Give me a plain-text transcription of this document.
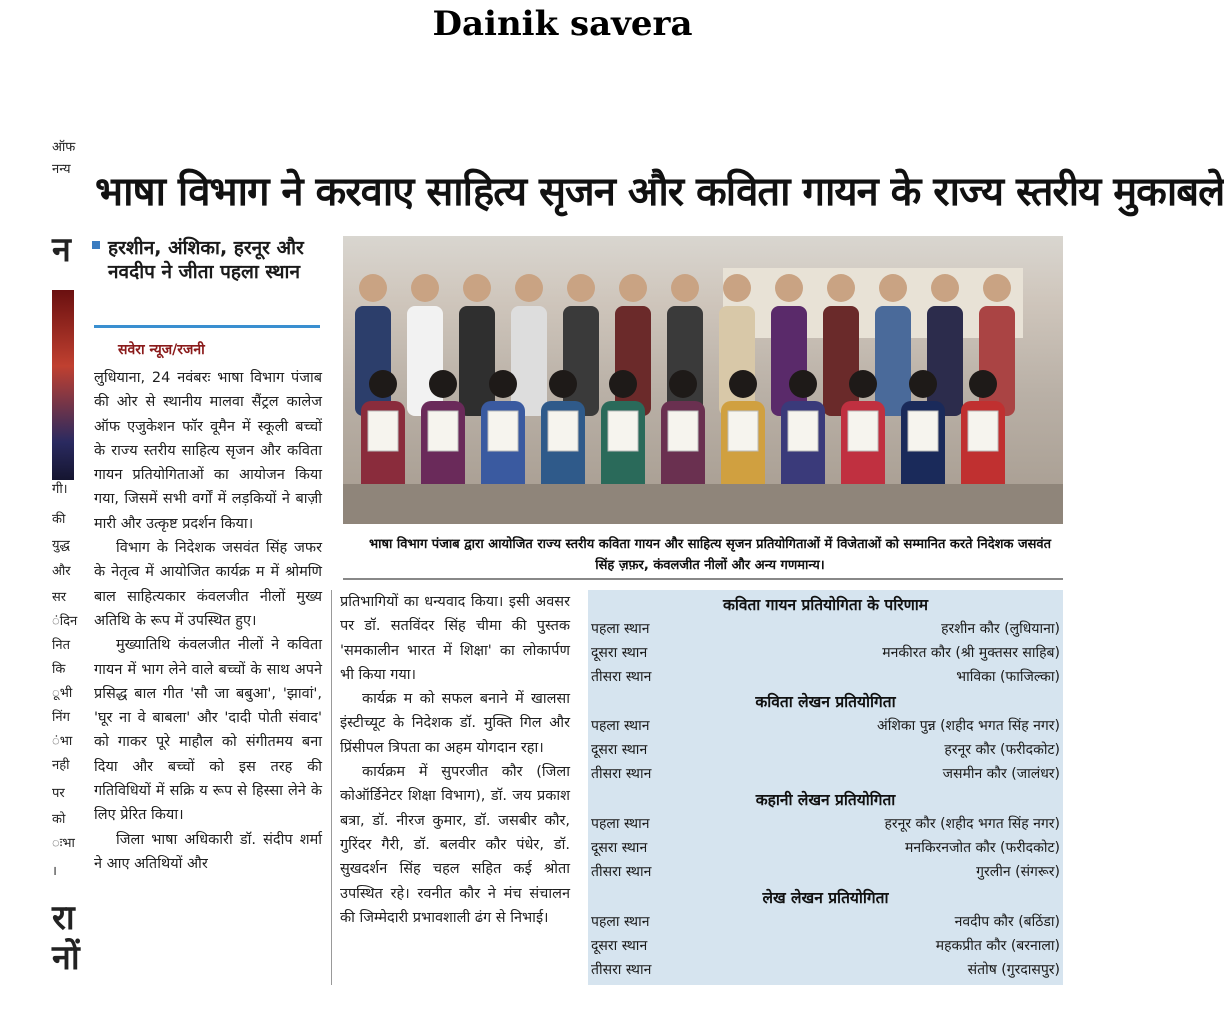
Dainik savera
ऑफ
नन्य
न
गी।
की
युद्ध
और
सर
ंदिन
नित
कि
ूभी
निंग
ंभा
नही
पर
को
ःभा
।
रा
नों
भाषा विभाग ने करवाए साहित्य सृजन और कविता गायन के राज्य स्तरीय मुकाबले
हरशीन, अंशिका, हरनूर और नवदीप ने जीता पहला स्थान
सवेरा न्यूज/रजनी

लुधियाना, 24 नवंबरः भाषा विभाग पंजाब की ओर से स्थानीय मालवा सैंट्रल कालेज ऑफ एजुकेशन फॉर वूमैन में स्कूली बच्चों के राज्य स्तरीय साहित्य सृजन और कविता गायन प्रतियोगिताओं का आयोजन किया गया, जिसमें सभी वर्गों में लड़कियों ने बाज़ी मारी और उत्कृष्ट प्रदर्शन किया।

विभाग के निदेशक जसवंत सिंह जफर के नेतृत्व में आयोजित कार्यक्र म में श्रोमणि बाल साहित्यकार कंवलजीत नीलों मुख्य अतिथि के रूप में उपस्थित हुए।

मुख्यातिथि कंवलजीत नीलों ने कविता गायन में भाग लेने वाले बच्चों के साथ अपने प्रसिद्ध बाल गीत 'सौ जा बबुआ', 'झावां', 'घूर ना वे बाबला' और 'दादी पोती संवाद' को गाकर पूरे माहौल को संगीतमय बना दिया और बच्चों को इस तरह की गतिविधियों में सक्रि य रूप से हिस्सा लेने के लिए प्रेरित किया।

जिला भाषा अधिकारी डॉ. संदीप शर्मा ने आए अतिथियों और

भाषा विभाग पंजाब द्वारा आयोजित राज्य स्तरीय कविता गायन और साहित्य सृजन प्रतियोगिताओं में विजेताओं को सम्मानित करते निदेशक जसवंत सिंह ज़फ़र, कंवलजीत नीलों और अन्य गणमान्य।

प्रतिभागियों का धन्यवाद किया। इसी अवसर पर डॉ. सतविंदर सिंह चीमा की पुस्तक 'समकालीन भारत में शिक्षा' का लोकार्पण भी किया गया।

कार्यक्र म को सफल बनाने में खालसा इंस्टीच्यूट के निदेशक डॉ. मुक्ति गिल और प्रिंसीपल त्रिपता का अहम योगदान रहा।

कार्यक्रम में सुपरजीत कौर (जिला कोऑर्डिनेटर शिक्षा विभाग), डॉ. जय प्रकाश बत्रा, डॉ. नीरज कुमार, डॉ. जसबीर कौर, गुरिंदर गैरी, डॉ. बलवीर कौर पंधेर, डॉ. सुखदर्शन सिंह चहल सहित कई श्रोता उपस्थित रहे। रवनीत कौर ने मंच संचालन की जिम्मेदारी प्रभावशाली ढंग से निभाई।

कविता गायन प्रतियोगिता के परिणाम
पहला स्थान	हरशीन कौर (लुधियाना)
दूसरा स्थान	मनकीरत कौर (श्री मुक्तसर साहिब)
तीसरा स्थान	भाविका (फाजिल्का)
कविता लेखन प्रतियोगिता
पहला स्थान	अंशिका पुन्न (शहीद भगत सिंह नगर)
दूसरा स्थान	हरनूर कौर (फरीदकोट)
तीसरा स्थान	जसमीन कौर (जालंधर)
कहानी लेखन प्रतियोगिता
पहला स्थान	हरनूर कौर (शहीद भगत सिंह नगर)
दूसरा स्थान	मनकिरनजोत कौर (फरीदकोट)
तीसरा स्थान	गुरलीन (संगरूर)
लेख लेखन प्रतियोगिता
पहला स्थान	नवदीप कौर (बठिंडा)
दूसरा स्थान	महकप्रीत कौर (बरनाला)
तीसरा स्थान	संतोष (गुरदासपुर)
